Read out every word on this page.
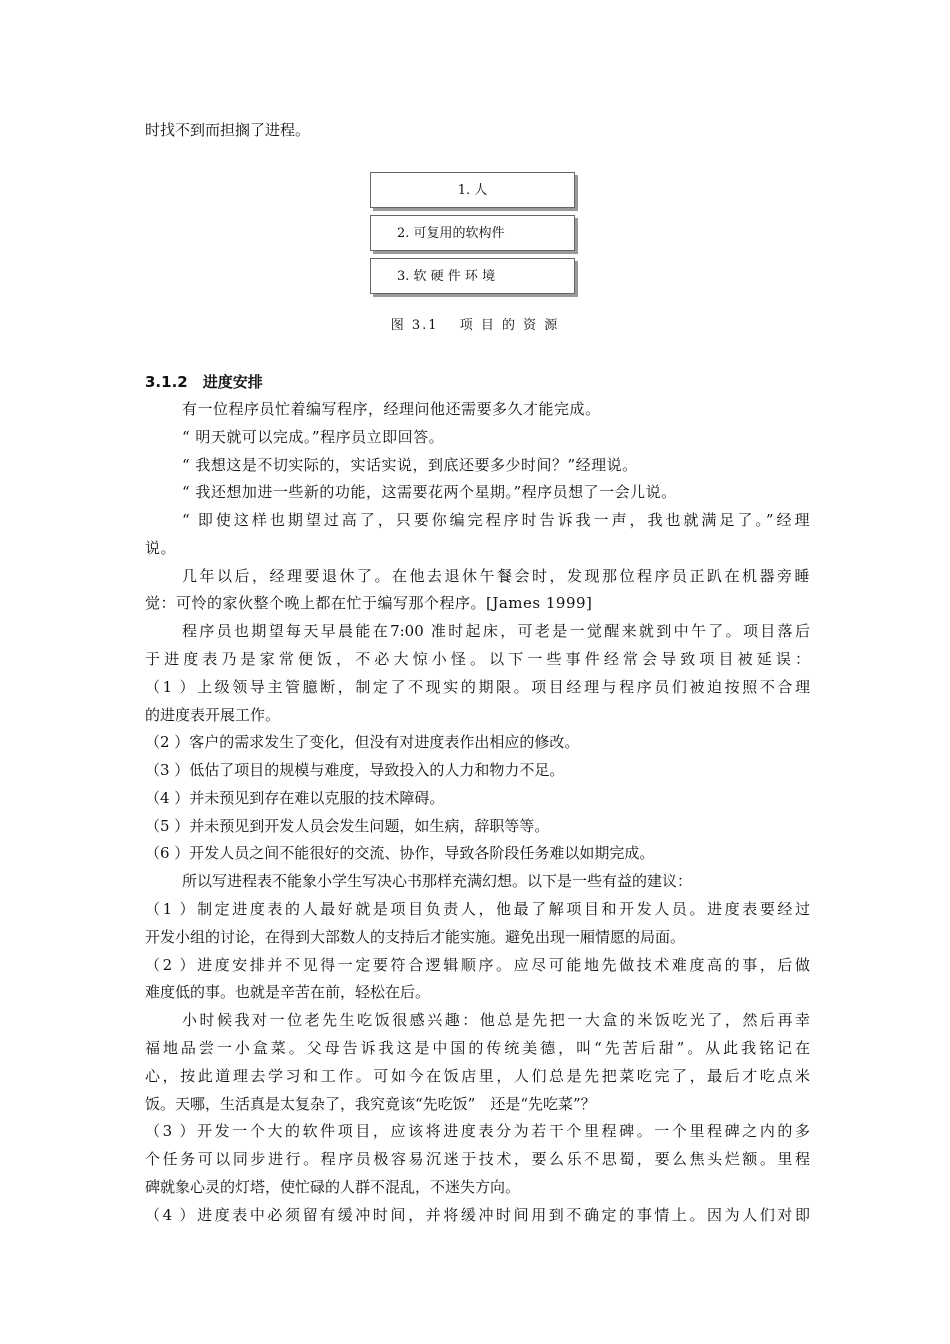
时找不到而担搁了进程。
1. 人
2. 可复用的软构件
3. 软 硬 件 环 境
图 3.1　 项 目 的 资 源
3.1.2　进度安排
有一位程序员忙着编写程序，经理问他还需要多久才能完成。
“ 明天就可以完成。”程序员立即回答。
“ 我想这是不切实际的，实话实说，到底还要多少时间？”经理说。
“ 我还想加进一些新的功能，这需要花两个星期。”程序员想了一会儿说。
“ 即使这样也期望过高了，只要你编完程序时告诉我一声，我也就满足了。”经理
说。
几年以后，经理要退休了。在他去退休午餐会时，发现那位程序员正趴在机器旁睡
觉：可怜的家伙整个晚上都在忙于编写那个程序。[James 1999]
程序员也期望每天早晨能在7:00 准时起床，可老是一觉醒来就到中午了。项目落后
于进度表乃是家常便饭，不必大惊小怪。以下一些事件经常会导致项目被延误：
（1 ）上级领导主管臆断，制定了不现实的期限。项目经理与程序员们被迫按照不合理
的进度表开展工作。
（2 ）客户的需求发生了变化，但没有对进度表作出相应的修改。
（3 ）低估了项目的规模与难度，导致投入的人力和物力不足。
（4 ）并未预见到存在难以克服的技术障碍。
（5 ）并未预见到开发人员会发生问题，如生病，辞职等等。
（6 ）开发人员之间不能很好的交流、协作，导致各阶段任务难以如期完成。
所以写进程表不能象小学生写决心书那样充满幻想。以下是一些有益的建议：
（1 ）制定进度表的人最好就是项目负责人，他最了解项目和开发人员。进度表要经过
开发小组的讨论，在得到大部数人的支持后才能实施。避免出现一厢情愿的局面。
（2 ）进度安排并不见得一定要符合逻辑顺序。应尽可能地先做技术难度高的事，后做
难度低的事。也就是辛苦在前，轻松在后。
小时候我对一位老先生吃饭很感兴趣：他总是先把一大盒的米饭吃光了，然后再幸
福地品尝一小盒菜。父母告诉我这是中国的传统美德，叫“先苦后甜”。从此我铭记在
心，按此道理去学习和工作。可如今在饭店里，人们总是先把菜吃完了，最后才吃点米
饭。天哪，生活真是太复杂了，我究竟该“先吃饭”　还是“先吃菜”？
（3 ）开发一个大的软件项目，应该将进度表分为若干个里程碑。一个里程碑之内的多
个任务可以同步进行。程序员极容易沉迷于技术，要么乐不思蜀，要么焦头烂额。里程
碑就象心灵的灯塔，使忙碌的人群不混乱，不迷失方向。
（4 ）进度表中必须留有缓冲时间，并将缓冲时间用到不确定的事情上。因为人们对即
